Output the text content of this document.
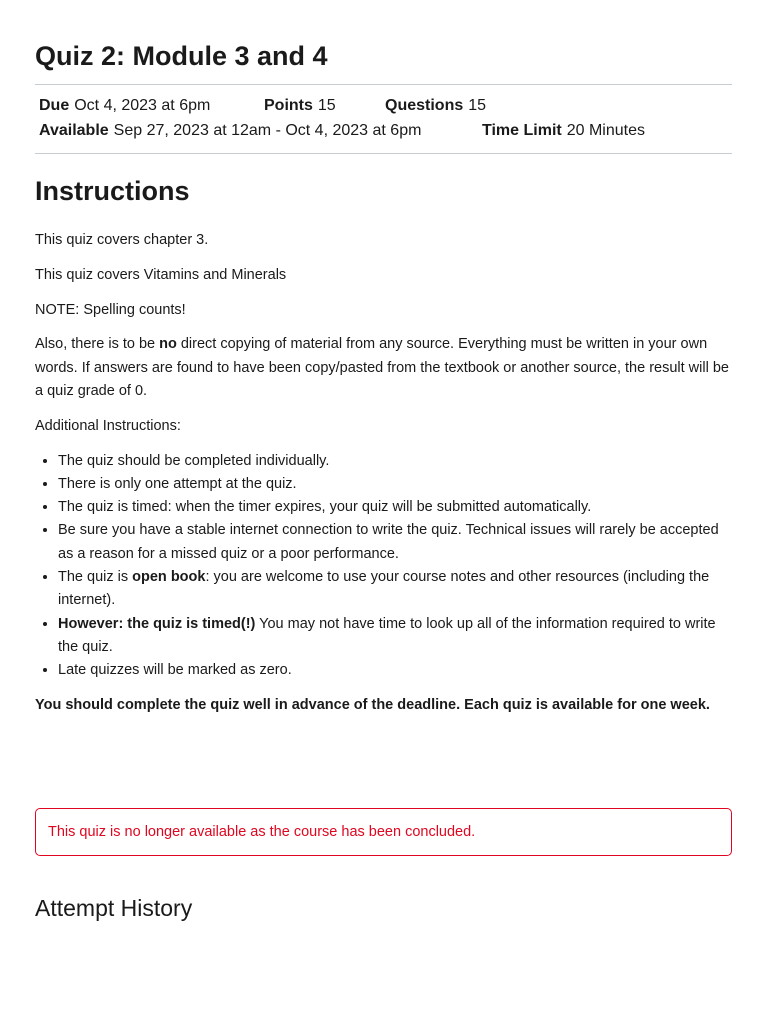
Quiz 2: Module 3 and 4
Due Oct 4, 2023 at 6pm	Points 15	Questions 15
Available Sep 27, 2023 at 12am - Oct 4, 2023 at 6pm	Time Limit 20 Minutes
Instructions

This quiz covers chapter 3.

This quiz covers Vitamins and Minerals

NOTE: Spelling counts!

Also, there is to be no direct copying of material from any source. Everything must be written in your own words. If answers are found to have been copy/pasted from the textbook or another source, the result will be a quiz grade of 0.

Additional Instructions:

• The quiz should be completed individually.
• There is only one attempt at the quiz.
• The quiz is timed: when the timer expires, your quiz will be submitted automatically.
• Be sure you have a stable internet connection to write the quiz. Technical issues will rarely be accepted as a reason for a missed quiz or a poor performance.
• The quiz is open book: you are welcome to use your course notes and other resources (including the internet).
• However: the quiz is timed(!) You may not have time to look up all of the information required to write the quiz.
• Late quizzes will be marked as zero.

You should complete the quiz well in advance of the deadline. Each quiz is available for one week.

This quiz is no longer available as the course has been concluded.
Attempt History
